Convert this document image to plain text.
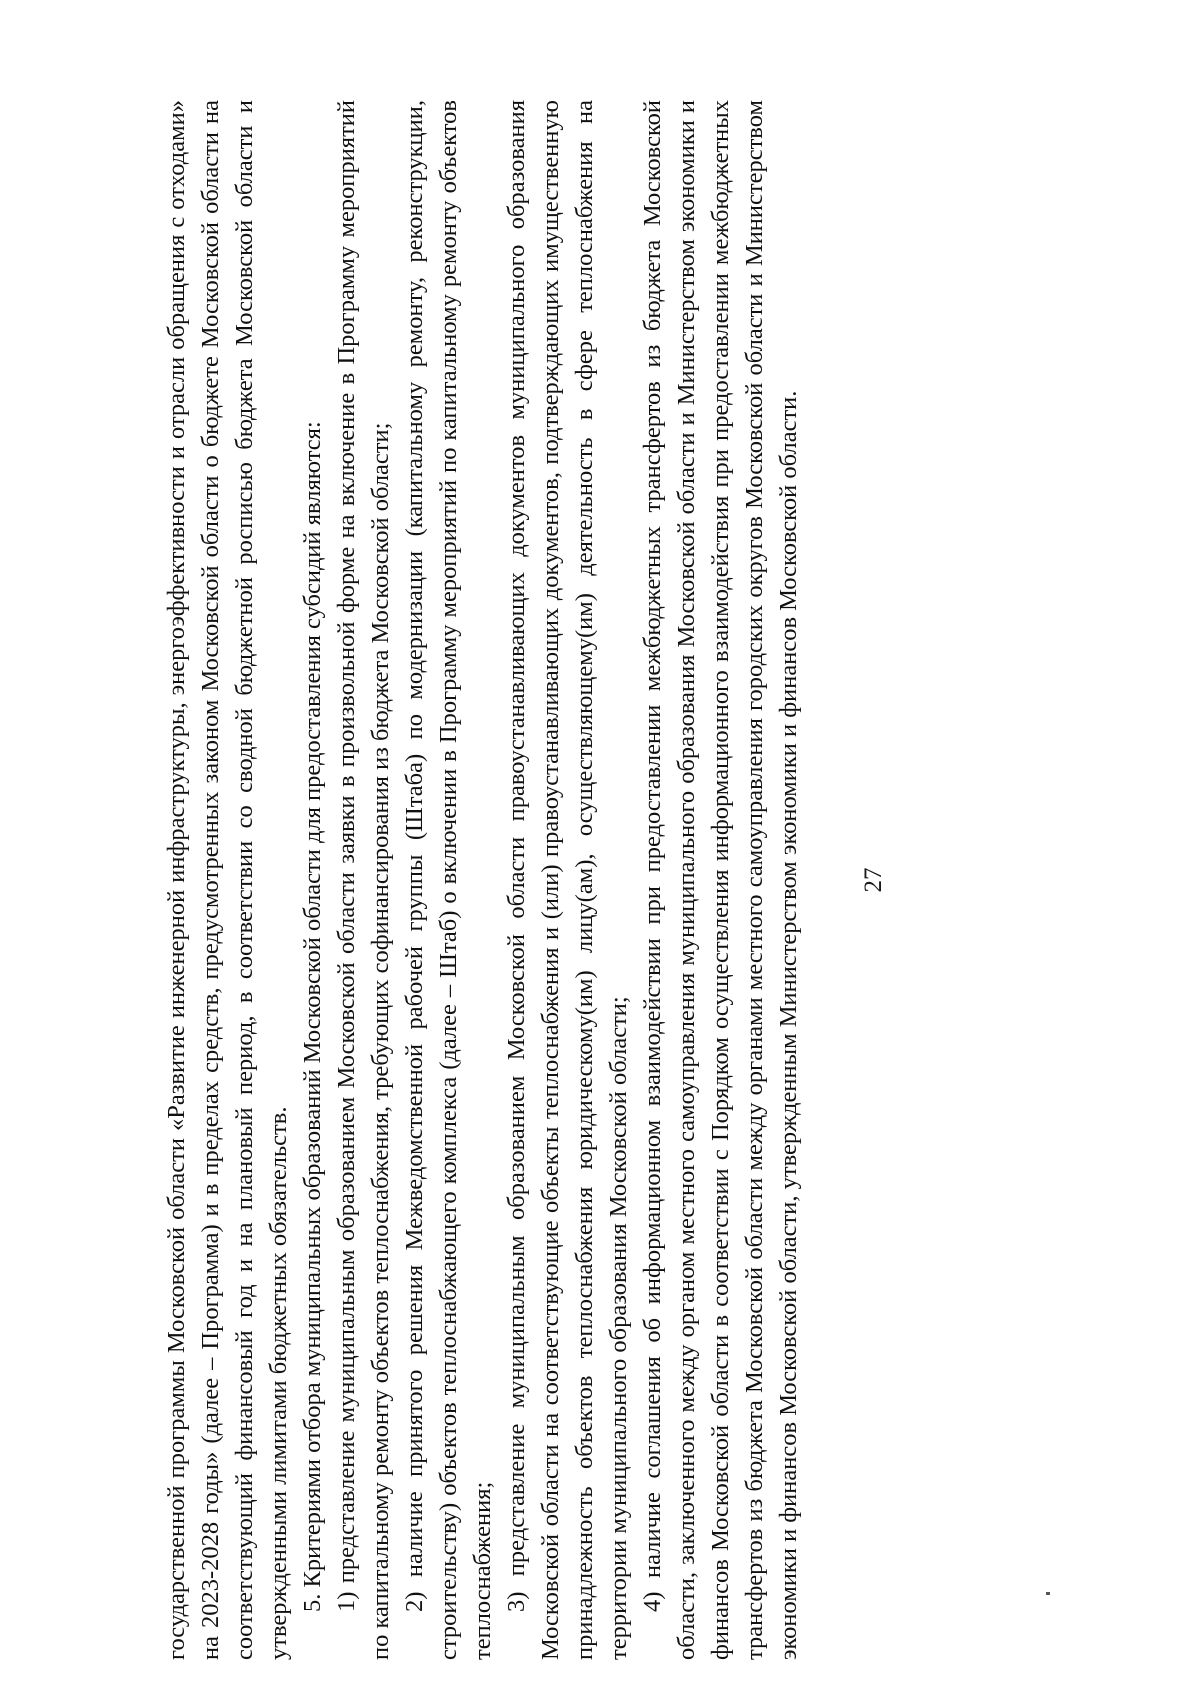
государственной программы Московской области «Развитие инженерной инфраструктуры, энергоэффективности и отрасли обращения с отходами» на 2023-2028 годы» (далее – Программа) и в пределах средств, предусмотренных законом Московской области о бюджете Московской области на соответствующий финансовый год и на плановый период, в соответствии со сводной бюджетной росписью бюджета Московской области и утвержденными лимитами бюджетных обязательств. 5. Критериями отбора муниципальных образований Московской области для предоставления субсидий являются: 1) представление муниципальным образованием Московской области заявки в произвольной форме на включение в Программу мероприятий по капитальному ремонту объектов теплоснабжения, требующих софинансирования из бюджета Московской области; 2) наличие принятого решения Межведомственной рабочей группы (Штаба) по модернизации (капитальному ремонту, реконструкции, строительству) объектов теплоснабжающего комплекса (далее – Штаб) о включении в Программу мероприятий по капитальному ремонту объектов теплоснабжения; 3) представление муниципальным образованием Московской области правоустанавливающих документов муниципального образования Московской области на соответствующие объекты теплоснабжения и (или) правоустанавливающих документов, подтверждающих имущественную принадлежность объектов теплоснабжения юридическому(им) лицу(ам), осуществляющему(им) деятельность в сфере теплоснабжения на территории муниципального образования Московской области; 4) наличие соглашения об информационном взаимодействии при предоставлении межбюджетных трансфертов из бюджета Московской области, заключенного между органом местного самоуправления муниципального образования Московской области и Министерством экономики и финансов Московской области в соответствии с Порядком осуществления информационного взаимодействия при предоставлении межбюджетных трансфертов из бюджета Московской области между органами местного самоуправления городских округов Московской области и Министерством экономики и финансов Московской области, утвержденным Министерством экономики и финансов Московской области. 27
